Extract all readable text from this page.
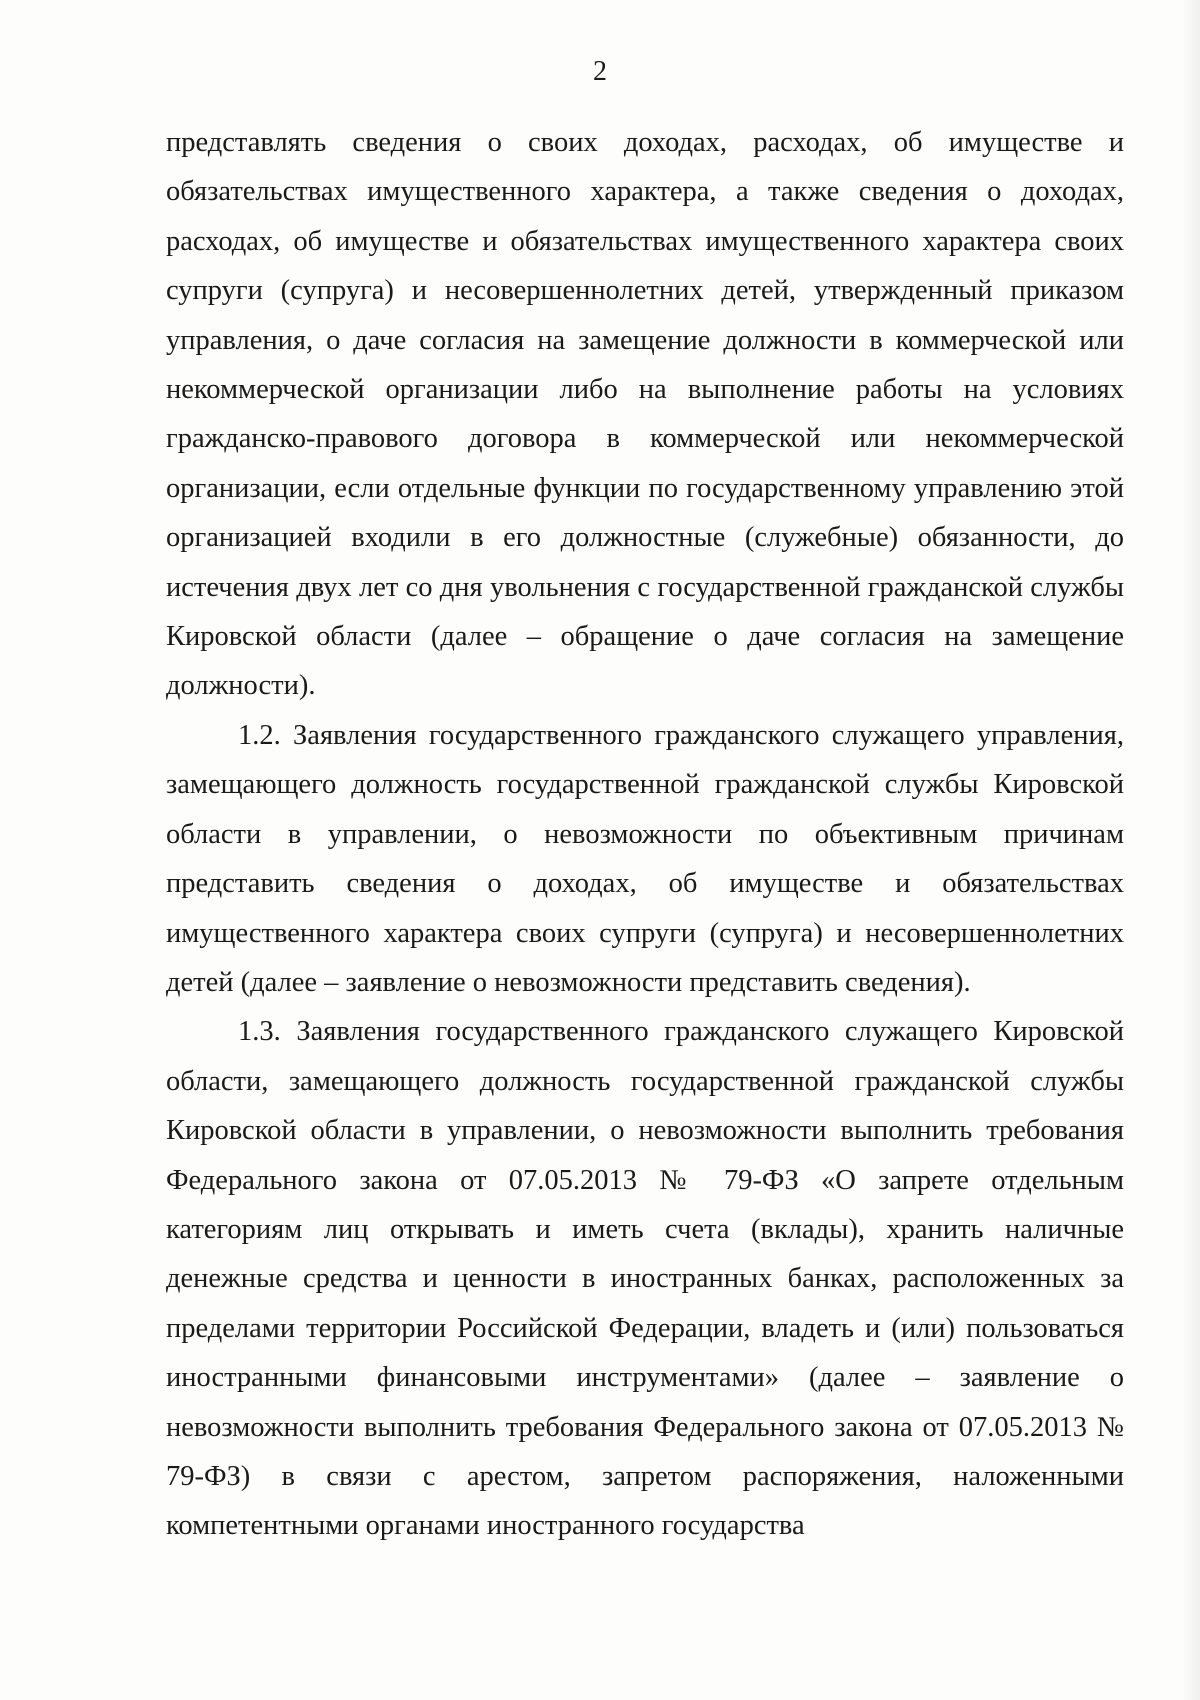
2

представлять сведения о своих доходах, расходах, об имуществе и обязательствах имущественного характера, а также сведения о доходах, расходах, об имуществе и обязательствах имущественного характера своих супруги (супруга) и несовершеннолетних детей, утвержденный приказом управления, о даче согласия на замещение должности в коммерческой или некоммерческой организации либо на выполнение работы на условиях гражданско-правового договора в коммерческой или некоммерческой организации, если отдельные функции по государственному управлению этой организацией входили в его должностные (служебные) обязанности, до истечения двух лет со дня увольнения с государственной гражданской службы Кировской области (далее – обращение о даче согласия на замещение должности).

1.2. Заявления государственного гражданского служащего управления, замещающего должность государственной гражданской службы Кировской области в управлении, о невозможности по объективным причинам представить сведения о доходах, об имуществе и обязательствах имущественного характера своих супруги (супруга) и несовершеннолетних детей (далее – заявление о невозможности представить сведения).

1.3. Заявления государственного гражданского служащего Кировской области, замещающего должность государственной гражданской службы Кировской области в управлении, о невозможности выполнить требования Федерального закона от 07.05.2013 № 79-ФЗ «О запрете отдельным категориям лиц открывать и иметь счета (вклады), хранить наличные денежные средства и ценности в иностранных банках, расположенных за пределами территории Российской Федерации, владеть и (или) пользоваться иностранными финансовыми инструментами» (далее – заявление о невозможности выполнить требования Федерального закона от 07.05.2013 № 79-ФЗ) в связи с арестом, запретом распоряжения, наложенными компетентными органами иностранного государства
